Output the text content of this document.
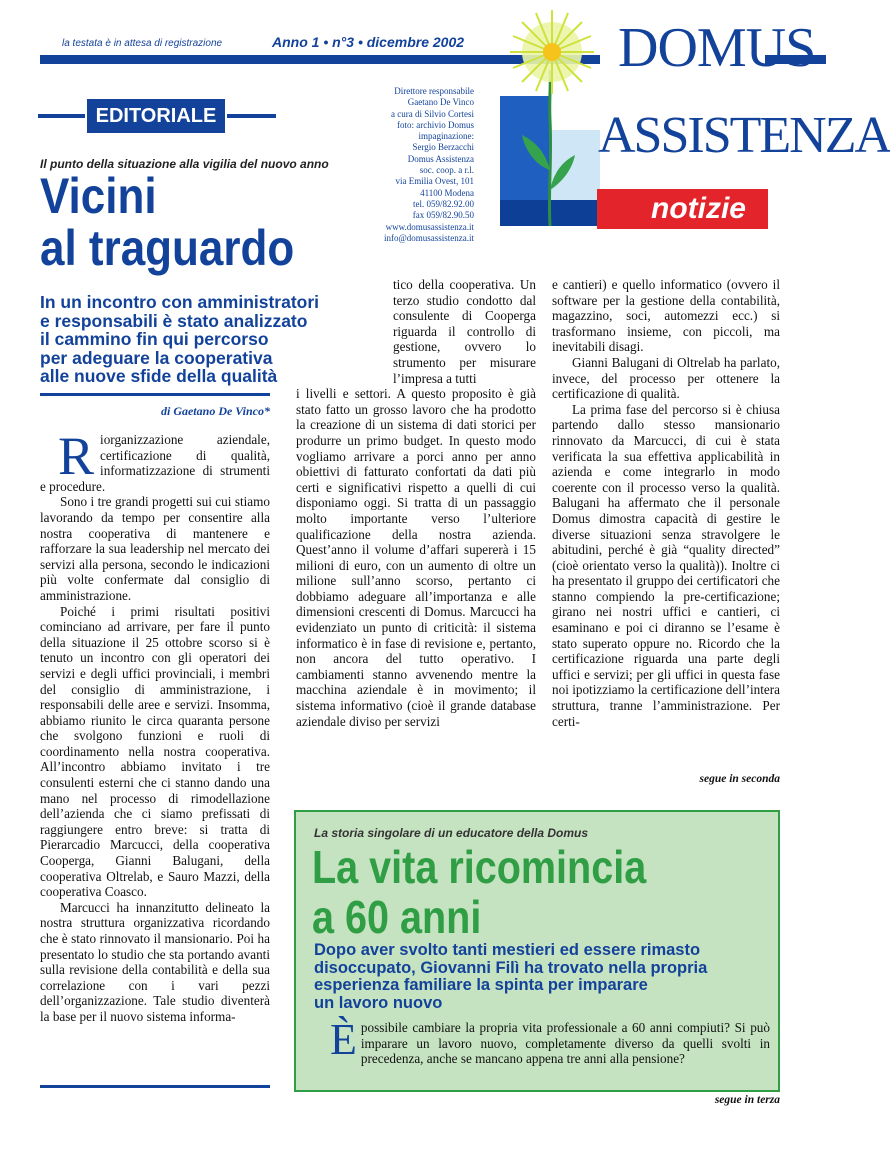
la testata è in attesa di registrazione	Anno 1 • n°3 • dicembre 2002
EDITORIALE
Direttore responsabile
Gaetano De Vinco
a cura di Silvio Cortesi
foto: archivio Domus
impaginazione:
Sergio Berzacchi
Domus Assistenza
soc. coop. a r.l.
via Emilia Ovest, 101
41100 Modena
tel. 059/82.92.00
fax 059/82.90.50
www.domusassistenza.it
info@domusassistenza.it
DOMUS
ASSISTENZA
notizie
Il punto della situazione alla vigilia del nuovo anno
Vicini
al traguardo
In un incontro con amministratori
e responsabili è stato analizzato
il cammino fin qui percorso
per adeguare la cooperativa
alle nuove sfide della qualità
di Gaetano De Vinco*

Riorganizzazione aziendale, certificazione di qualità, informatizzazione di strumenti e procedure.

Sono i tre grandi progetti sui cui stiamo lavorando da tempo per consentire alla nostra cooperativa di mantenere e rafforzare la sua leadership nel mercato dei servizi alla persona, secondo le indicazioni più volte confermate dal consiglio di amministrazione.

Poiché i primi risultati positivi cominciano ad arrivare, per fare il punto della situazione il 25 ottobre scorso si è tenuto un incontro con gli operatori dei servizi e degli uffici provinciali, i membri del consiglio di amministrazione, i responsabili delle aree e servizi. Insomma, abbiamo riunito le circa quaranta persone che svolgono funzioni e ruoli di coordinamento nella nostra cooperativa. All’incontro abbiamo invitato i tre consulenti esterni che ci stanno dando una mano nel processo di rimodellazione dell’azienda che ci siamo prefissati di raggiungere entro breve: si tratta di Pierarcadio Marcucci, della cooperativa Cooperga, Gianni Balugani, della cooperativa Oltrelab, e Sauro Mazzi, della cooperativa Coasco.

Marcucci ha innanzitutto delineato la nostra struttura organizzativa ricordando che è stato rinnovato il mansionario. Poi ha presentato lo studio che sta portando avanti sulla revisione della contabilità e della sua correlazione con i vari pezzi dell’organizzazione. Tale studio diventerà la base per il nuovo sistema informa-

tico della cooperativa. Un terzo studio condotto dal consulente di Cooperga riguarda il controllo di gestione, ovvero lo strumento per misurare l’impresa a tutti

i livelli e settori. A questo proposito è già stato fatto un grosso lavoro che ha prodotto la creazione di un sistema di dati storici per produrre un primo budget. In questo modo vogliamo arrivare a porci anno per anno obiettivi di fatturato confortati da dati più certi e significativi rispetto a quelli di cui disponiamo oggi. Si tratta di un passaggio molto importante verso l’ulteriore qualificazione della nostra azienda. Quest’anno il volume d’affari supererà i 15 milioni di euro, con un aumento di oltre un milione sull’anno scorso, pertanto ci dobbiamo adeguare all’importanza e alle dimensioni crescenti di Domus. Marcucci ha evidenziato un punto di criticità: il sistema informatico è in fase di revisione e, pertanto, non ancora del tutto operativo. I cambiamenti stanno avvenendo mentre la macchina aziendale è in movimento; il sistema informativo (cioè il grande database aziendale diviso per servizi

e cantieri) e quello informatico (ovvero il software per la gestione della contabilità, magazzino, soci, automezzi ecc.) si trasformano insieme, con piccoli, ma inevitabili disagi.

Gianni Balugani di Oltrelab ha parlato, invece, del processo per ottenere la certificazione di qualità.

La prima fase del percorso si è chiusa partendo dallo stesso mansionario rinnovato da Marcucci, di cui è stata verificata la sua effettiva applicabilità in azienda e come integrarlo in modo coerente con il processo verso la qualità. Balugani ha affermato che il personale Domus dimostra capacità di gestire le diverse situazioni senza stravolgere le abitudini, perché è già “quality directed” (cioè orientato verso la qualità)). Inoltre ci ha presentato il gruppo dei certificatori che stanno compiendo la pre-certificazione; girano nei nostri uffici e cantieri, ci esaminano e poi ci diranno se l’esame è stato superato oppure no. Ricordo che la certificazione riguarda una parte degli uffici e servizi; per gli uffici in questa fase noi ipotizziamo la certificazione dell’intera struttura, tranne l’amministrazione. Per certi-

segue in seconda
La storia singolare di un educatore della Domus
La vita ricomincia
a 60 anni
Dopo aver svolto tanti mestieri ed essere rimasto
disoccupato, Giovanni Filì ha trovato nella propria
esperienza familiare la spinta per imparare
un lavoro nuovo
Èpossibile cambiare la propria vita professionale a 60 anni compiuti? Si può imparare un lavoro nuovo, completamente diverso da quelli svolti in precedenza, anche se mancano appena tre anni alla pensione?
segue in terza
